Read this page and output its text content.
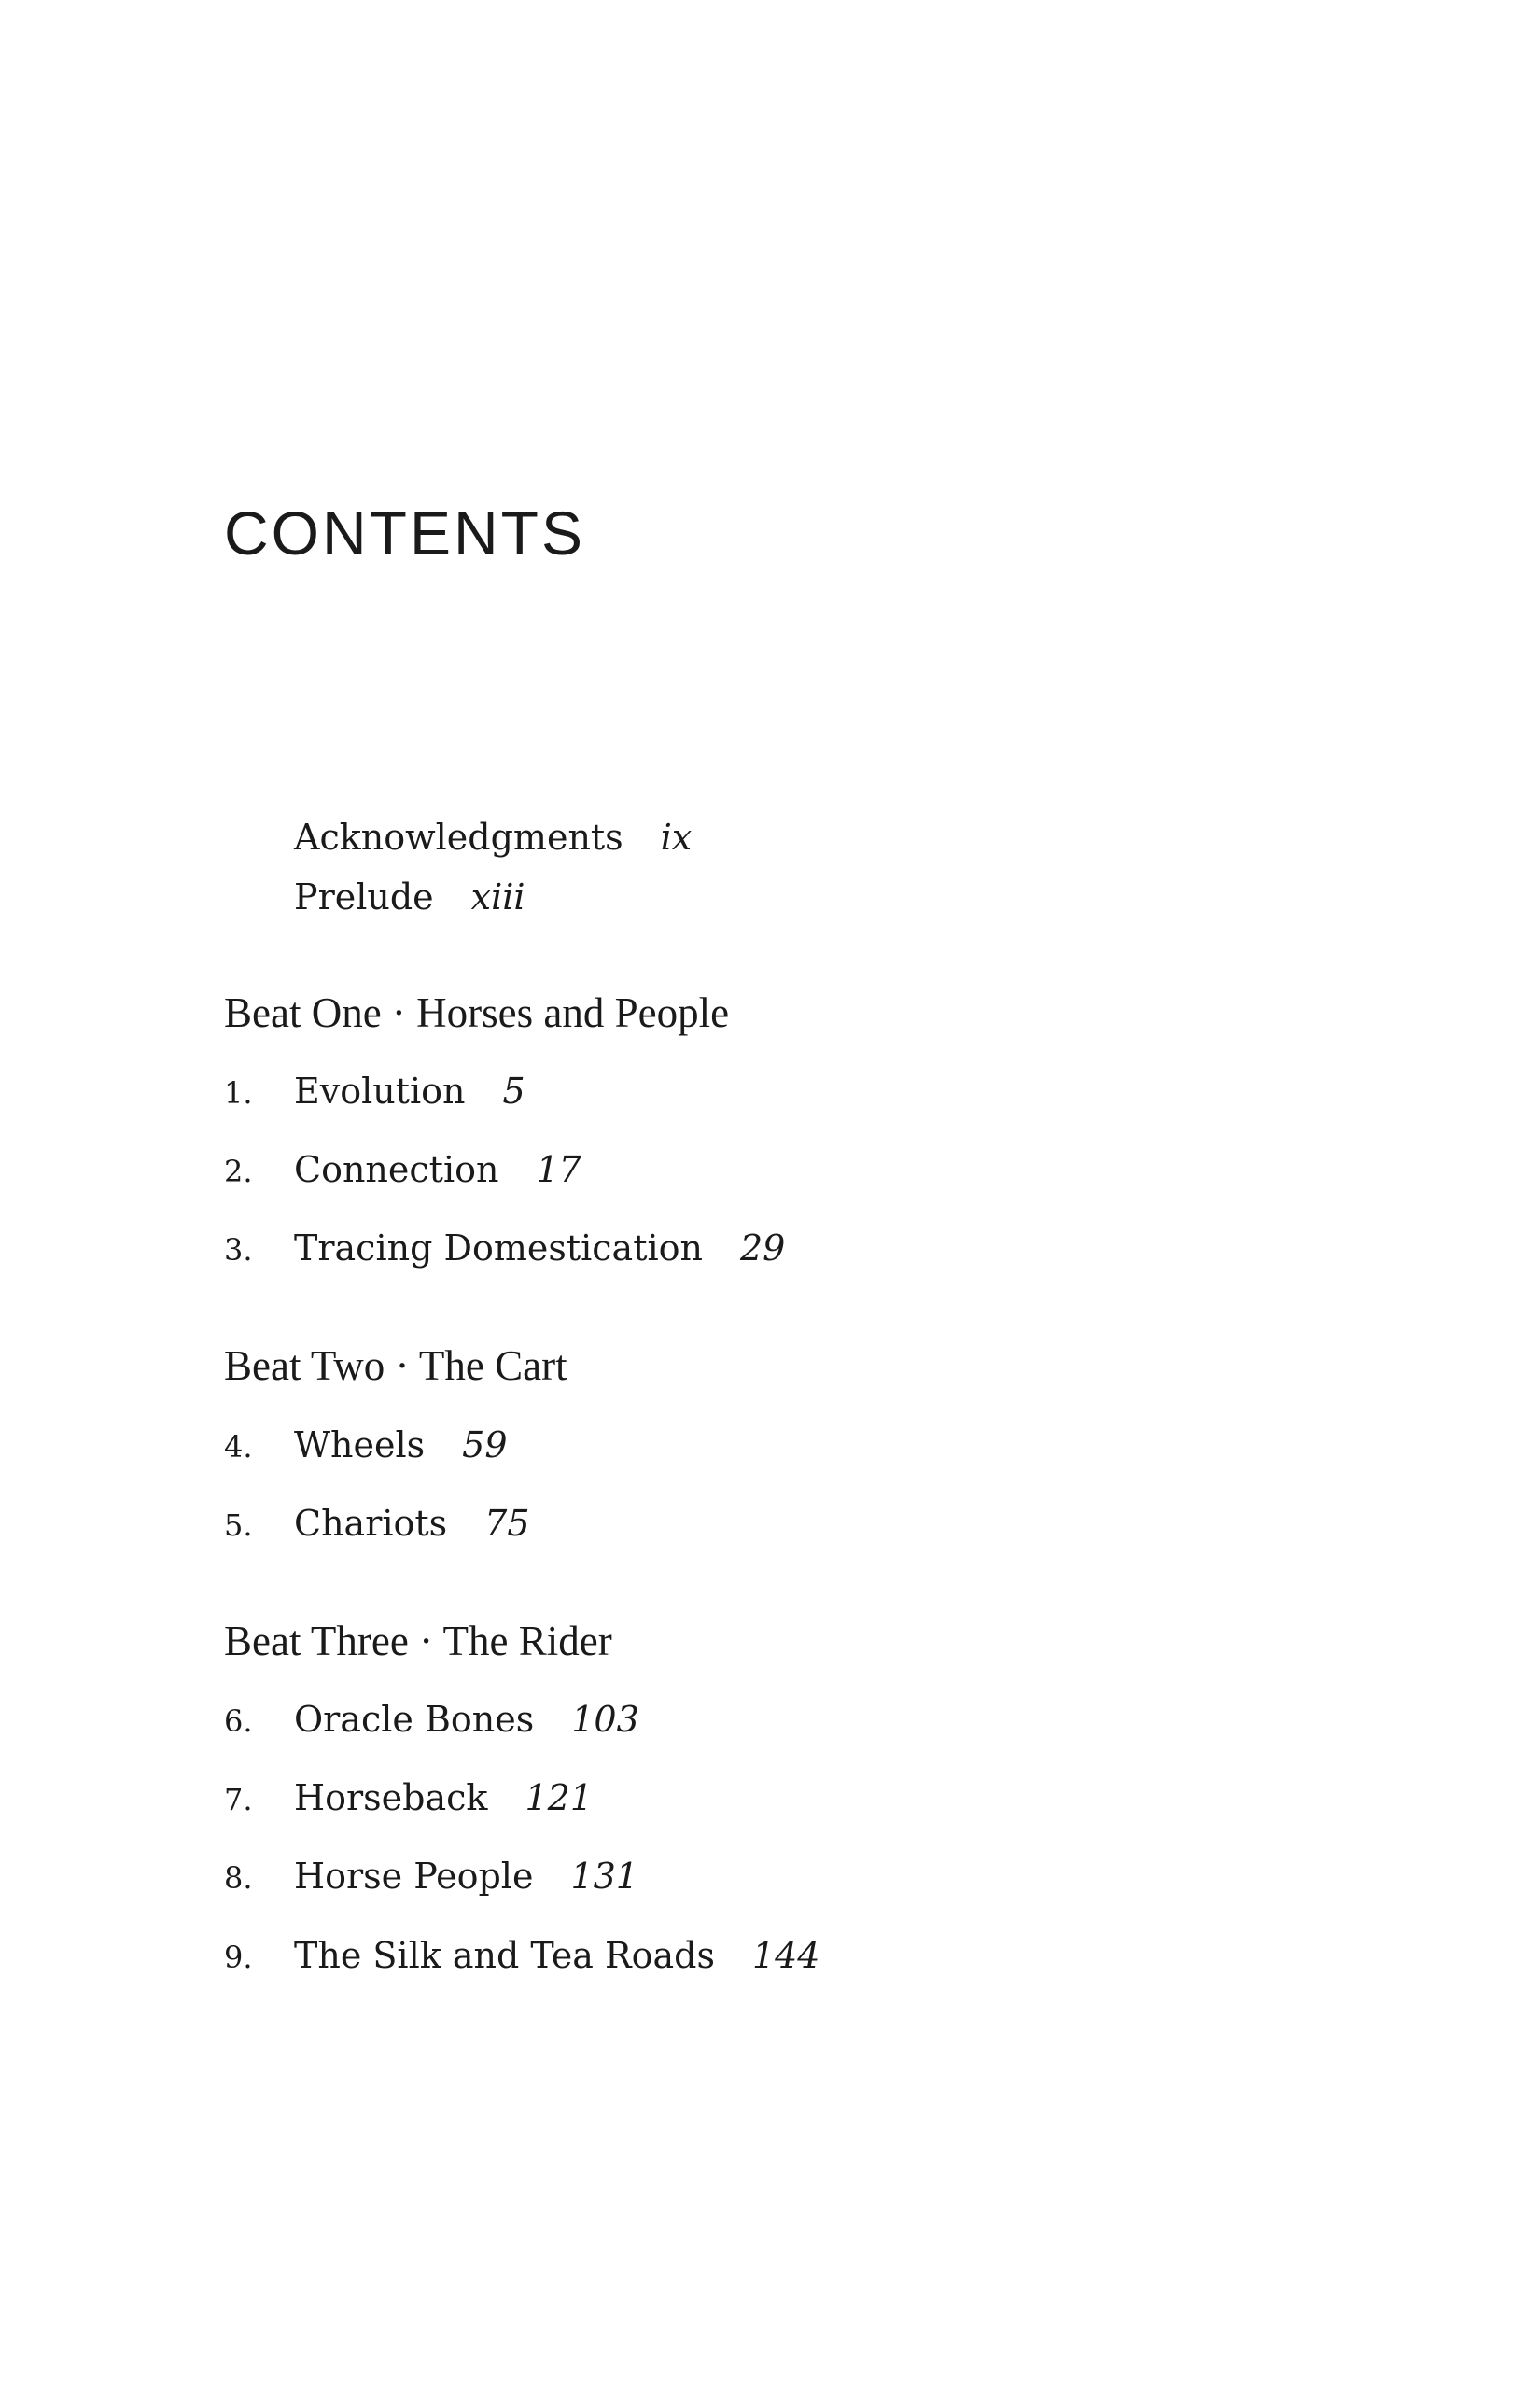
CONTENTS
Acknowledgments ix
Prelude xiii
Beat One · Horses and People
1. Evolution 5
2. Connection 17
3. Tracing Domestication 29
Beat Two · The Cart
4. Wheels 59
5. Chariots 75
Beat Three · The Rider
6. Oracle Bones 103
7. Horseback 121
8. Horse People 131
9. The Silk and Tea Roads 144
